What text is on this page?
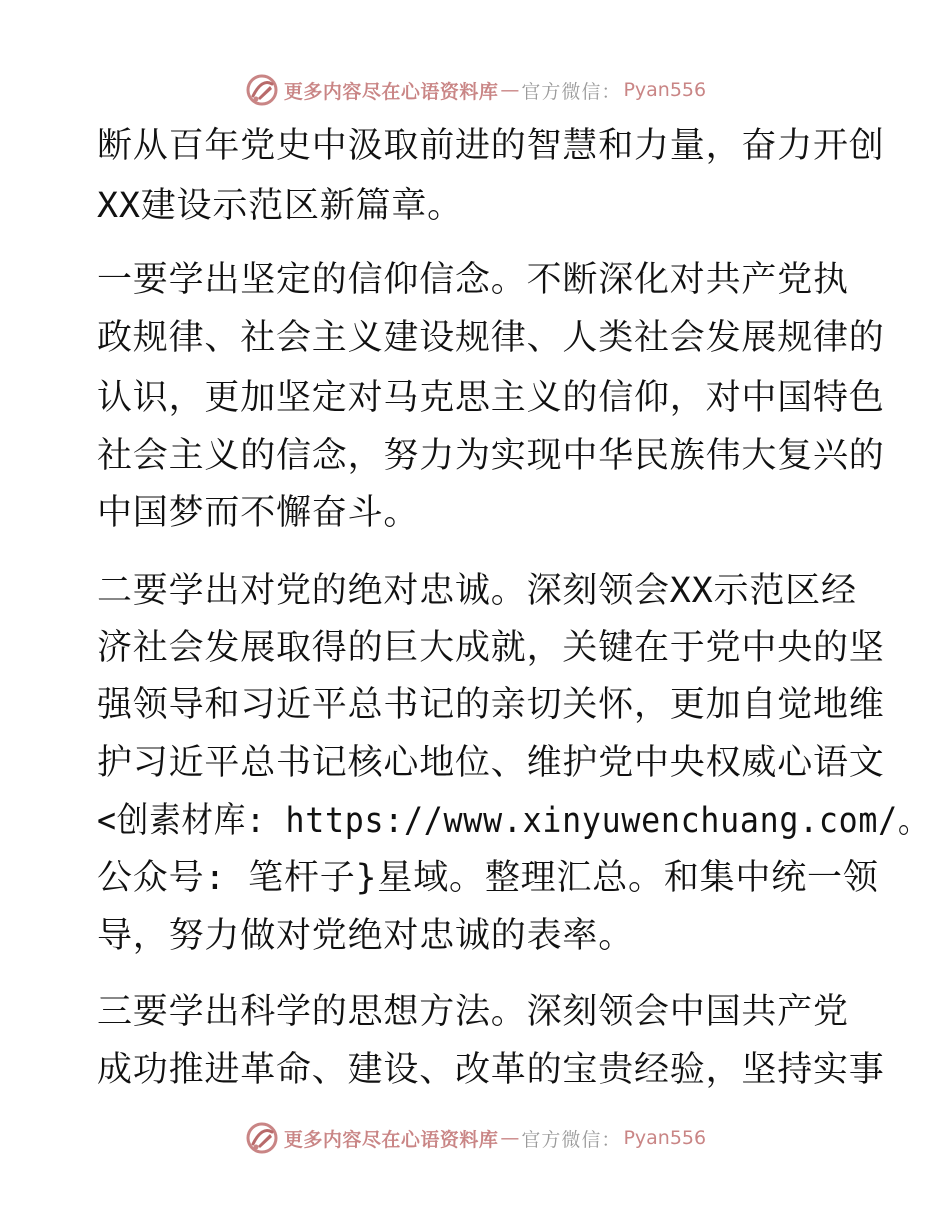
更多内容尽在心语资料库 — 官方微信： Pyan556
断从百年党史中汲取前进的智慧和力量，奋力开创
XX建设示范区新篇章。
一要学出坚定的信仰信念。不断深化对共产党执
政规律、社会主义建设规律、人类社会发展规律的
认识，更加坚定对马克思主义的信仰，对中国特色
社会主义的信念，努力为实现中华民族伟大复兴的
中国梦而不懈奋斗。
二要学出对党的绝对忠诚。深刻领会XX示范区经
济社会发展取得的巨大成就，关键在于党中央的坚
强领导和习近平总书记的亲切关怀，更加自觉地维
护习近平总书记核心地位、维护党中央权威心语文
<创素材库: https://www.xinyuwenchuang.com/。
公众号: 笔杆子}星域。整理汇总。和集中统一领
导，努力做对党绝对忠诚的表率。
三要学出科学的思想方法。深刻领会中国共产党
成功推进革命、建设、改革的宝贵经验，坚持实事
更多内容尽在心语资料库 — 官方微信： Pyan556
